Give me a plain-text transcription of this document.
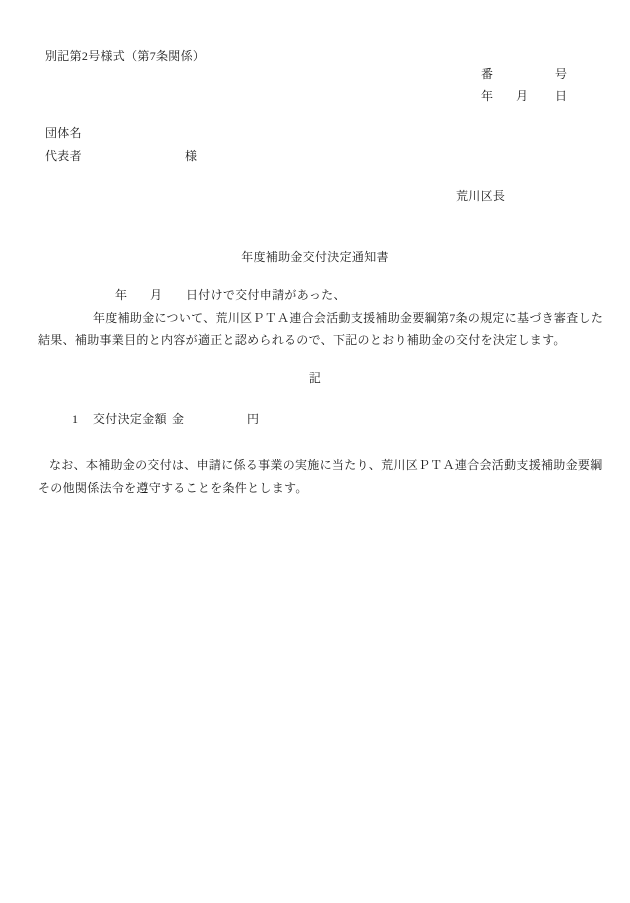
別記第2号様式（第7条関係）
番	号
年 月 日
団体名
代表者	様
荒川区長
年度補助金交付決定通知書
年 月 日付けで交付申請があった、
年度補助金について、荒川区ＰＴＡ連合会活動支援補助金要綱第7条の規定に基づき審査した
結果、補助事業目的と内容が適正と認められるので、下記のとおり補助金の交付を決定します。
記
1 交付決定金額 金	円
なお、本補助金の交付は、申請に係る事業の実施に当たり、荒川区ＰＴＡ連合会活動支援補助金要綱
その他関係法令を遵守することを条件とします。
